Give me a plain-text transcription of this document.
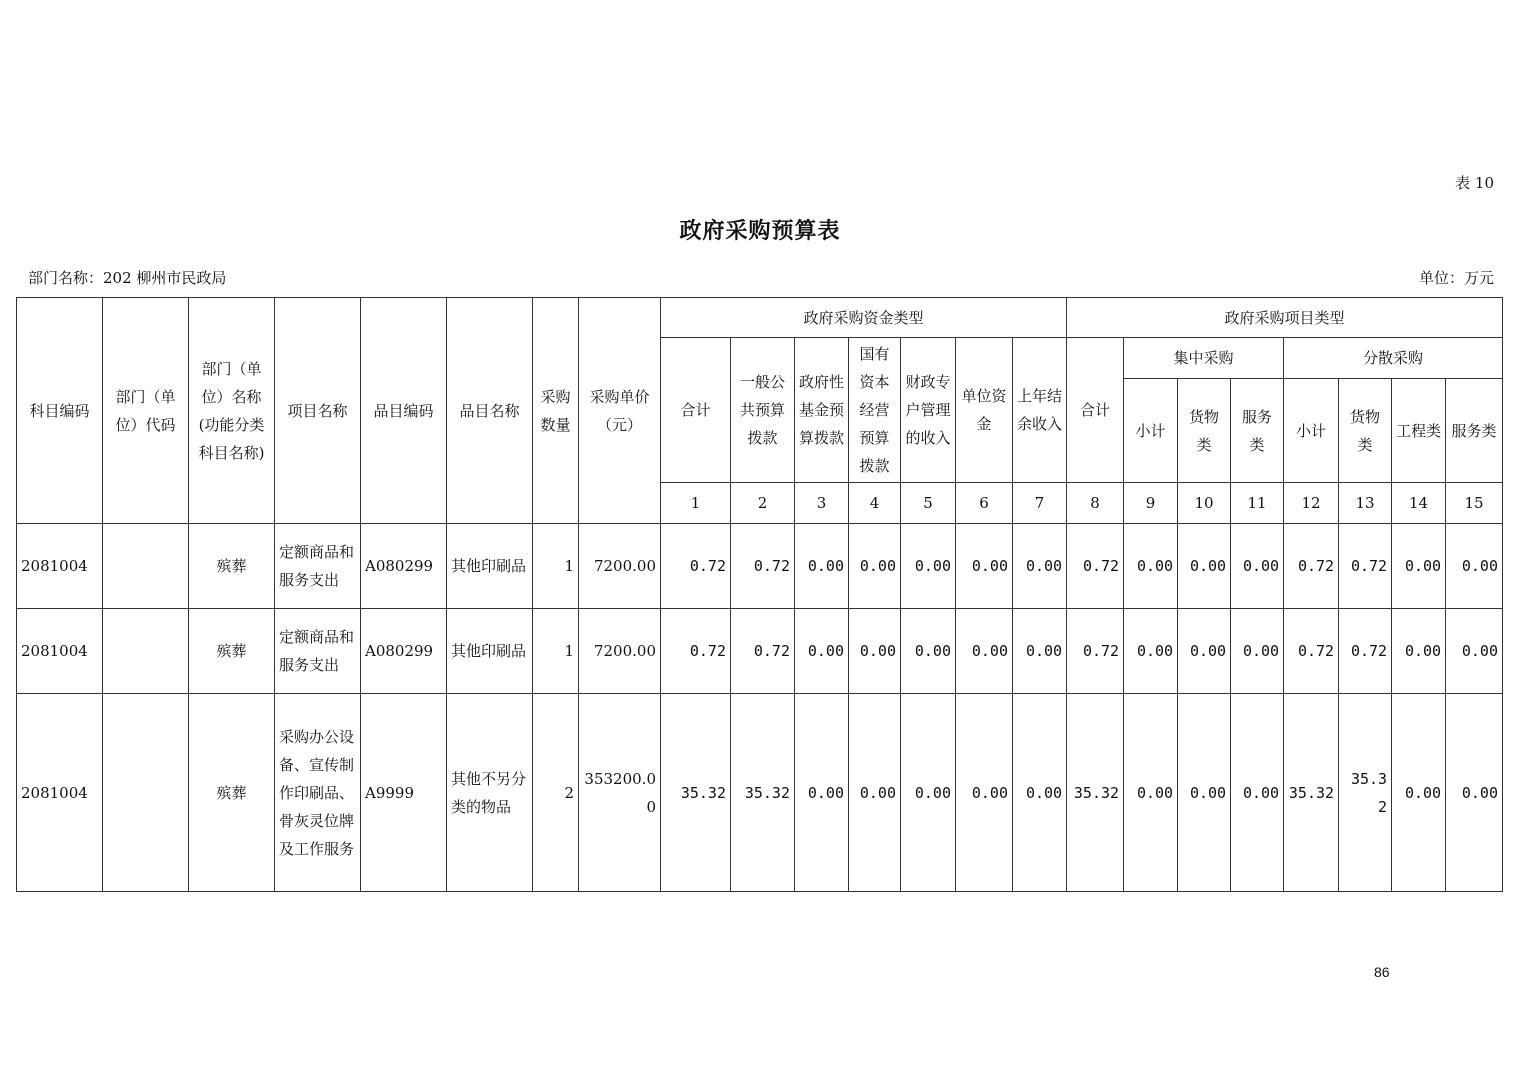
表 10
政府采购预算表
部门名称：202 柳州市民政局	单位：万元
科目编码	部门（单位）代码	部门（单位）名称(功能分类科目名称)	项目名称	品目编码	品目名称	采购数量	采购单价（元）	政府采购资金类型							政府采购项目类型							
								合计	一般公共预算拨款	政府性基金预算拨款	国有资本经营预算拨款	财政专户管理的收入	单位资金	上年结余收入	合计	集中采购			分散采购			
																小计	货物类	服务类	小计	货物类	工程类	服务类
								1	2	3	4	5	6	7	8	9	10	11	12	13	14	15
2081004		殡葬	定额商品和服务支出	A080299	其他印刷品	1	7200.00	0.72	0.72	0.00	0.00	0.00	0.00	0.00	0.72	0.00	0.00	0.00	0.72	0.72	0.00	0.00
2081004		殡葬	定额商品和服务支出	A080299	其他印刷品	1	7200.00	0.72	0.72	0.00	0.00	0.00	0.00	0.00	0.72	0.00	0.00	0.00	0.72	0.72	0.00	0.00
2081004		殡葬	采购办公设备、宣传制作印刷品、骨灰灵位牌及工作服务	A9999	其他不另分类的物品	2	353200.00	35.32	35.32	0.00	0.00	0.00	0.00	0.00	35.32	0.00	0.00	0.00	35.32	35.32	0.00	0.00
86
